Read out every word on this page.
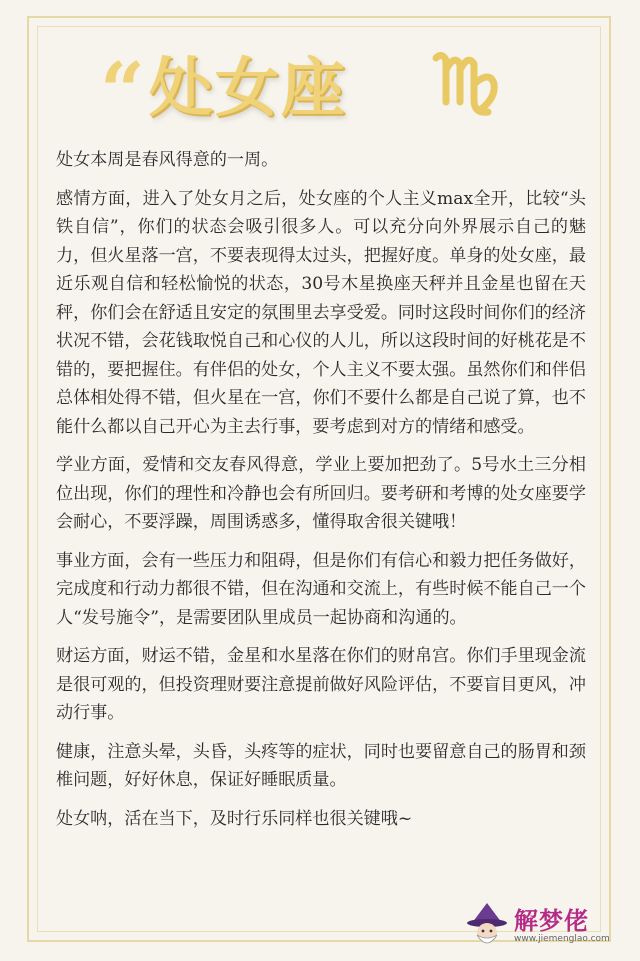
“ 处女座

处女本周是春风得意的一周。

感情方面，进入了处女月之后，处女座的个人主义max全开，比较“头铁自信”，你们的状态会吸引很多人。可以充分向外界展示自己的魅力，但火星落一宫，不要表现得太过头，把握好度。单身的处女座，最近乐观自信和轻松愉悦的状态，30号木星换座天秤并且金星也留在天秤，你们会在舒适且安定的氛围里去享受爱。同时这段时间你们的经济状况不错，会花钱取悦自己和心仪的人儿，所以这段时间的好桃花是不错的，要把握住。有伴侣的处女，个人主义不要太强。虽然你们和伴侣总体相处得不错，但火星在一宫，你们不要什么都是自己说了算，也不能什么都以自己开心为主去行事，要考虑到对方的情绪和感受。

学业方面，爱情和交友春风得意，学业上要加把劲了。5号水土三分相位出现，你们的理性和冷静也会有所回归。要考研和考博的处女座要学会耐心，不要浮躁，周围诱惑多，懂得取舍很关键哦！

事业方面，会有一些压力和阻碍，但是你们有信心和毅力把任务做好，完成度和行动力都很不错，但在沟通和交流上，有些时候不能自己一个人“发号施令”，是需要团队里成员一起协商和沟通的。

财运方面，财运不错，金星和水星落在你们的财帛宫。你们手里现金流是很可观的，但投资理财要注意提前做好风险评估，不要盲目更风，冲动行事。

健康，注意头晕，头昏，头疼等的症状，同时也要留意自己的肠胃和颈椎问题，好好休息，保证好睡眠质量。

处女呐，活在当下，及时行乐同样也很关键哦~

解梦佬
www.jiemenglao.com
